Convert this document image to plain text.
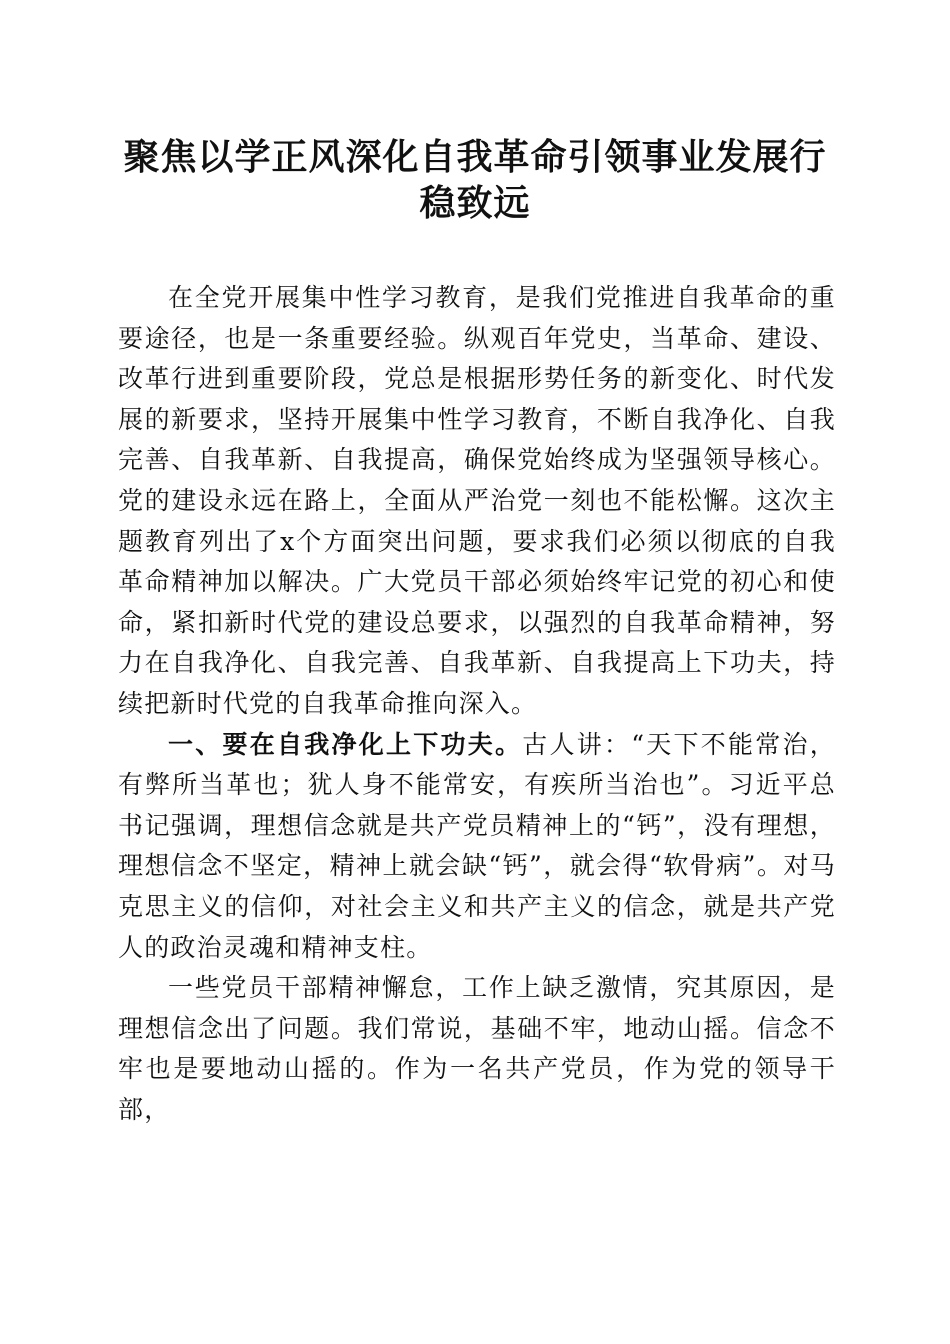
聚焦以学正风深化自我革命引领事业发展行稳致远

在全党开展集中性学习教育，是我们党推进自我革命的重要途径，也是一条重要经验。纵观百年党史，当革命、建设、改革行进到重要阶段，党总是根据形势任务的新变化、时代发展的新要求，坚持开展集中性学习教育，不断自我净化、自我完善、自我革新、自我提高，确保党始终成为坚强领导核心。党的建设永远在路上，全面从严治党一刻也不能松懈。这次主题教育列出了x个方面突出问题，要求我们必须以彻底的自我革命精神加以解决。广大党员干部必须始终牢记党的初心和使命，紧扣新时代党的建设总要求，以强烈的自我革命精神，努力在自我净化、自我完善、自我革新、自我提高上下功夫，持续把新时代党的自我革命推向深入。

一、要在自我净化上下功夫。古人讲：“天下不能常治，有弊所当革也；犹人身不能常安，有疾所当治也”。习近平总书记强调，理想信念就是共产党员精神上的“钙”，没有理想，理想信念不坚定，精神上就会缺“钙”，就会得“软骨病”。对马克思主义的信仰，对社会主义和共产主义的信念，就是共产党人的政治灵魂和精神支柱。

一些党员干部精神懈怠，工作上缺乏激情，究其原因，是理想信念出了问题。我们常说，基础不牢，地动山摇。信念不牢也是要地动山摇的。作为一名共产党员，作为党的领导干部，
